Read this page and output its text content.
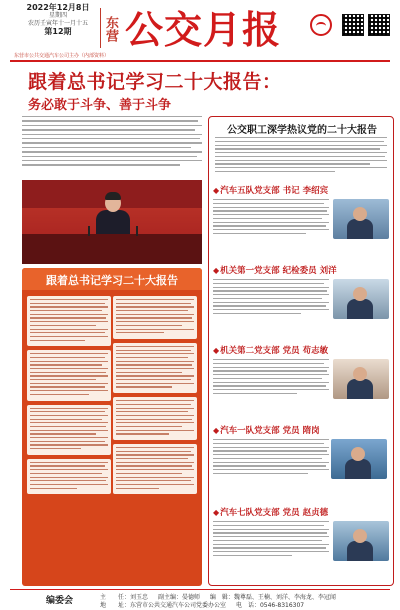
2022年12月8日
星期四
农历壬寅年十一月十五
第12期	东营 公交月报
东营市公共交通汽车公司主办（内部资料）
跟着总书记学习二十大报告：
务必敢于斗争、善于斗争
跟着总书记学习二十大报告
公交职工深学热议党的二十大报告
◆汽车五队党支部 书记 李绍宾
◆机关第一党支部 纪检委员 刘洋
◆机关第二党支部 党员 苟志敏
◆汽车一队党支部 党员 隋岗
◆汽车七队党支部 党员 赵贞德
编委会	主　　任：刘玉忠 副主编：晏德师 编　辑：魏尊磊、王楠、刘洋、李海龙、李冠闻
地　　址：东营市公共交通汽车公司党委办公室 电　话：0546-8316307
